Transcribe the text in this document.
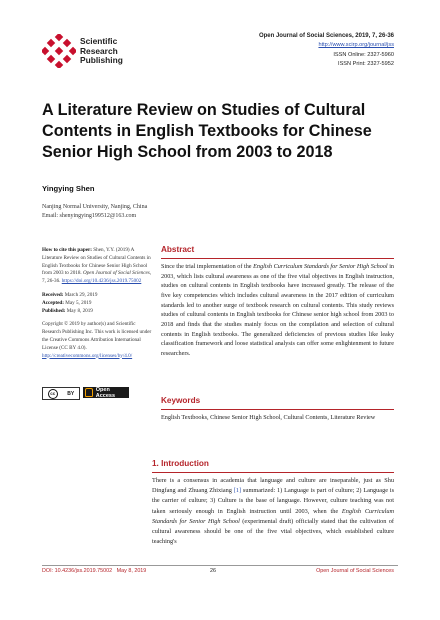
Scientific
Research
Publishing
Open Journal of Social Sciences, 2019, 7, 26-36
http://www.scirp.org/journal/jss
ISSN Online: 2327-5960
ISSN Print: 2327-5952
A Literature Review on Studies of Cultural Contents in English Textbooks for Chinese Senior High School from 2003 to 2018
Yingying Shen
Nanjing Normal University, Nanjing, China
Email: shenyingying199512@163.com
How to cite this paper: Shen, Y.Y. (2019) A Literature Review on Studies of Cultural Contents in English Textbooks for Chinese Senior High School from 2003 to 2018. Open Journal of Social Sciences, 7, 26-36. https://doi.org/10.4236/jss.2019.75002
Received: March 29, 2019
Accepted: May 5, 2019
Published: May 8, 2019
Copyright © 2019 by author(s) and Scientific Research Publishing Inc. This work is licensed under the Creative Commons Attribution International License (CC BY 4.0). http://creativecommons.org/licenses/by/4.0/
cc	BY
Open Access
Abstract
Since the trial implementation of the English Curriculum Standards for Senior High School in 2003, which lists cultural awareness as one of the five vital objectives in English instruction, studies on cultural contents in English textbooks have increased greatly. The release of the five key competencies which includes cultural awareness in the 2017 edition of curriculum standards led to another surge of textbook research on cultural contents. This study reviews studies of cultural contents in English textbooks for Chinese senior high school from 2003 to 2018 and finds that the studies mainly focus on the compilation and selection of cultural contents in English textbooks. The generalized deficiencies of previous studies like leaky classification framework and loose statistical analysis can offer some enlightenment to future researchers.
Keywords
English Textbooks, Chinese Senior High School, Cultural Contents, Literature Review
1. Introduction
There is a consensus in academia that language and culture are inseparable, just as Shu Dingfang and Zhuang Zhixiang [1] summarized: 1) Language is part of culture; 2) Language is the carrier of culture; 3) Culture is the base of language. However, culture teaching was not taken seriously enough in English instruction until 2003, when the English Curriculum Standards for Senior High School (experimental draft) officially stated that the cultivation of cultural awareness should be one of the five vital objectives, which established culture teaching's
DOI: 10.4236/jss.2019.75002 May 8, 2019	26	Open Journal of Social Sciences
